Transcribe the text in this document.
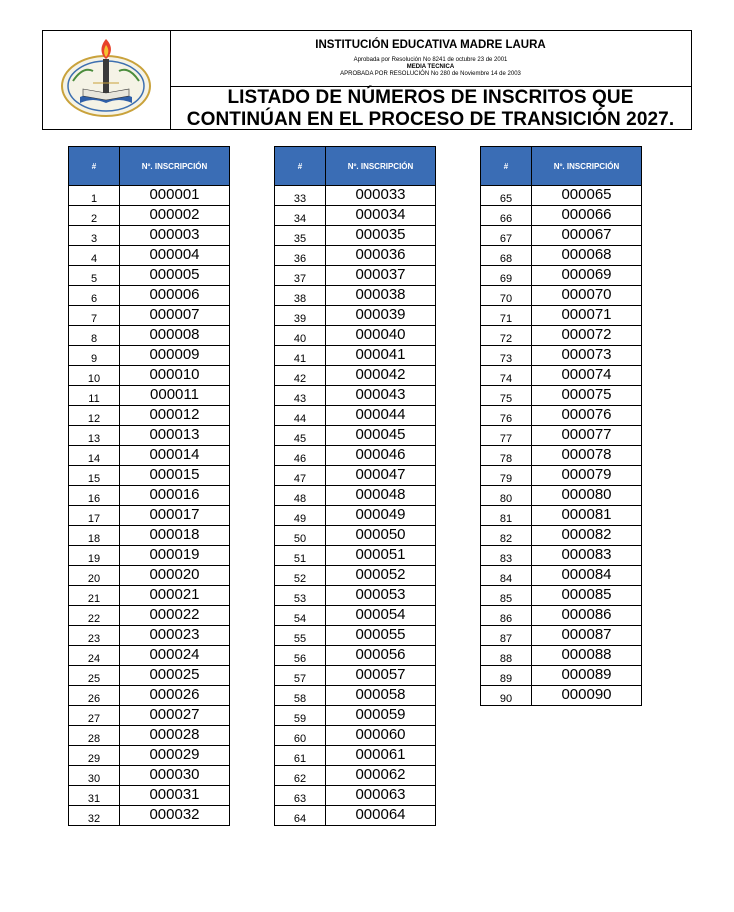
INSTITUCIÓN EDUCATIVA MADRE LAURA
Aprobada por Resolución No 8241 de octubre 23 de 2001
MEDIA TECNICA
APROBADA POR RESOLUCIÓN No 280 de Noviembre 14 de 2003
LISTADO DE NÚMEROS DE INSCRITOS QUE
CONTINÚAN EN EL PROCESO DE TRANSICIÓN 2027.
#	Nº. INSCRIPCIÓN
1	000001
2	000002
3	000003
4	000004
5	000005
6	000006
7	000007
8	000008
9	000009
10	000010
11	000011
12	000012
13	000013
14	000014
15	000015
16	000016
17	000017
18	000018
19	000019
20	000020
21	000021
22	000022
23	000023
24	000024
25	000025
26	000026
27	000027
28	000028
29	000029
30	000030
31	000031
32	000032
#	Nº. INSCRIPCIÓN
33	000033
34	000034
35	000035
36	000036
37	000037
38	000038
39	000039
40	000040
41	000041
42	000042
43	000043
44	000044
45	000045
46	000046
47	000047
48	000048
49	000049
50	000050
51	000051
52	000052
53	000053
54	000054
55	000055
56	000056
57	000057
58	000058
59	000059
60	000060
61	000061
62	000062
63	000063
64	000064
#	Nº. INSCRIPCIÓN
65	000065
66	000066
67	000067
68	000068
69	000069
70	000070
71	000071
72	000072
73	000073
74	000074
75	000075
76	000076
77	000077
78	000078
79	000079
80	000080
81	000081
82	000082
83	000083
84	000084
85	000085
86	000086
87	000087
88	000088
89	000089
90	000090
